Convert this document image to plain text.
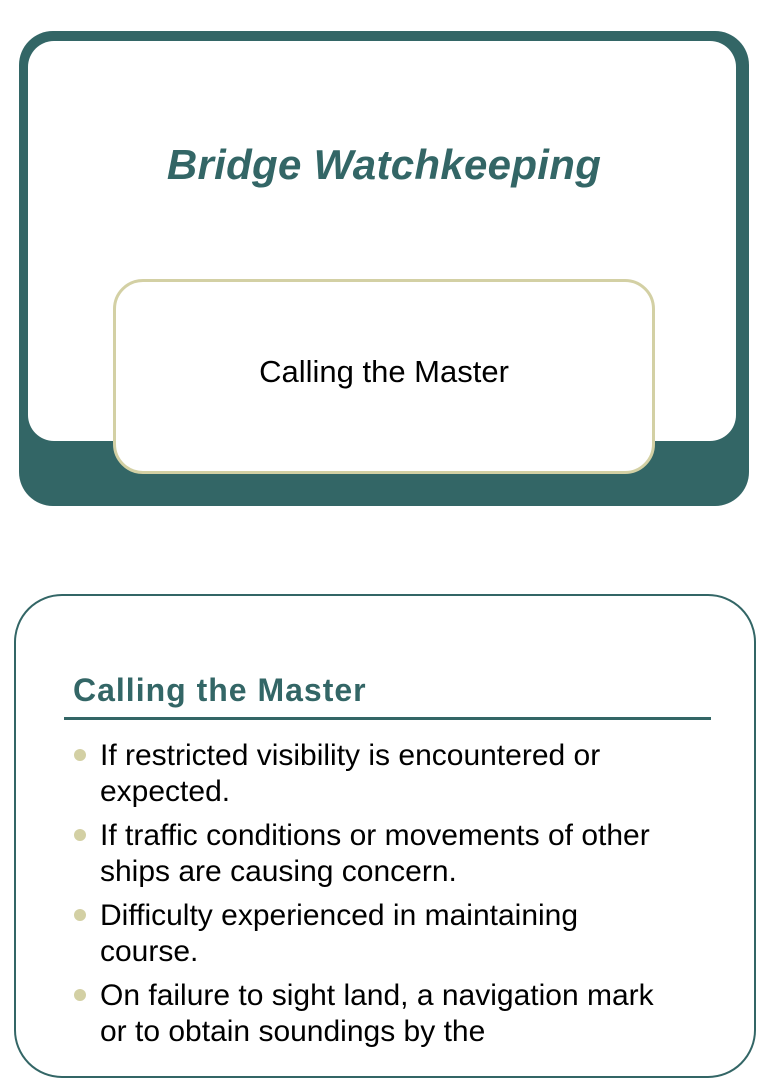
Bridge Watchkeeping
Calling the Master
Calling the Master
If restricted visibility is encountered or expected.
If traffic conditions or movements of other ships are causing concern.
Difficulty experienced in maintaining course.
On failure to sight land, a navigation mark or to obtain soundings by the
